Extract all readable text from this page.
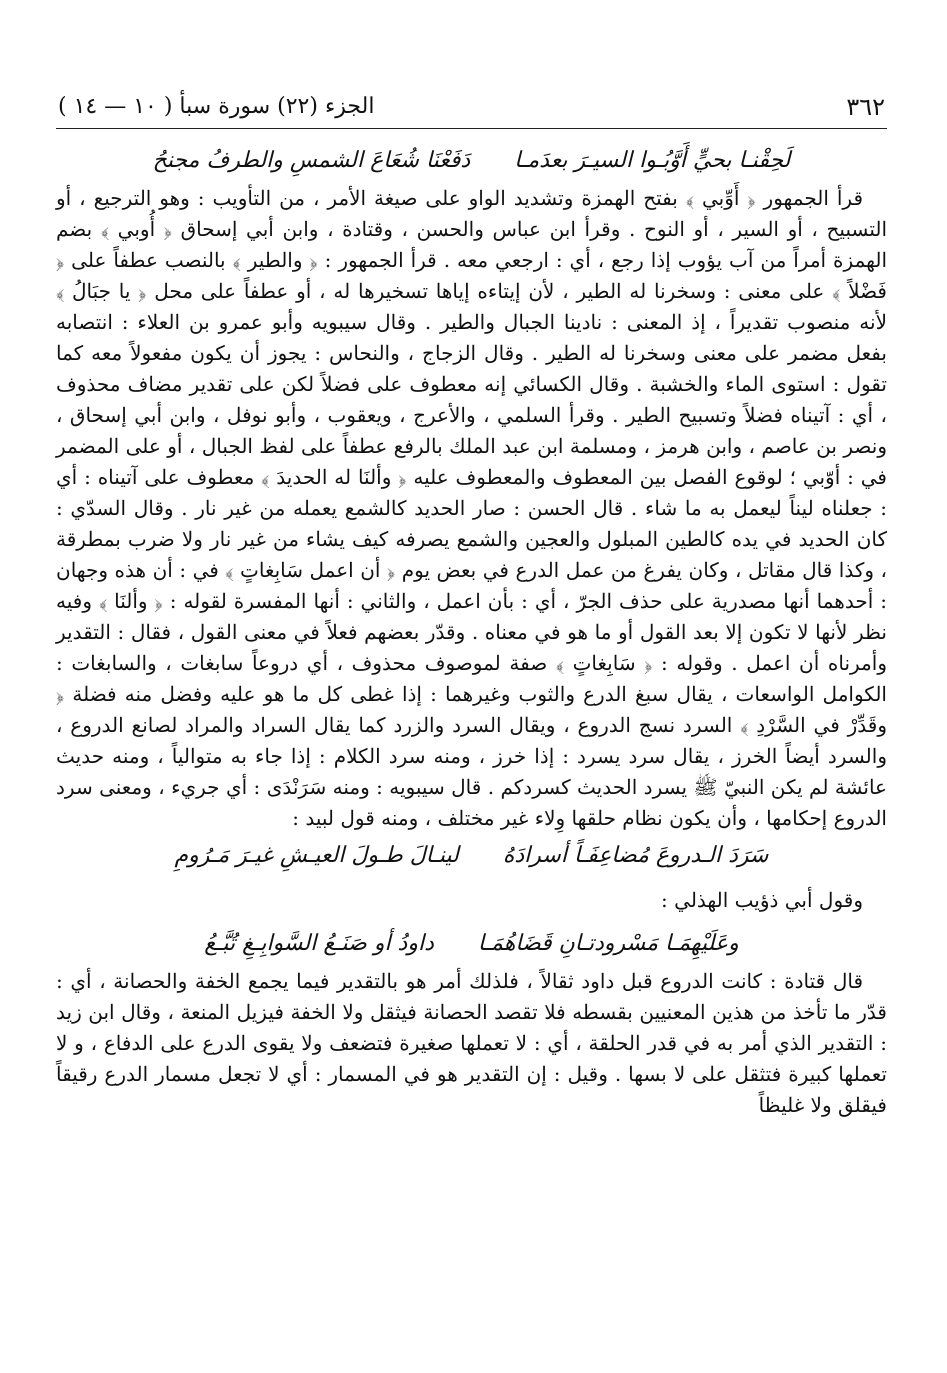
٣٦٢
الجزء (٢٢) سورة سبأ ( ١٠ — ١٤ )
لَحِقْنـا بحيٍّ أَوَّبُـوا السيـرَ بعدَمـا
دَفَعْنَا شُعَاعَ الشمسِ والطرفُ مجنحُ

قرأ الجمهور ﴿ أَوِّبي ﴾ بفتح الهمزة وتشديد الواو على صيغة الأمر ، من التأويب : وهو الترجيع ، أو التسبيح ، أو السير ، أو النوح . وقرأ ابن عباس والحسن ، وقتادة ، وابن أبي إسحاق ﴿ أُوبي ﴾ بضم الهمزة أمراً من آب يؤوب إذا رجع ، أي : ارجعي معه . قرأ الجمهور : ﴿ والطير ﴾ بالنصب عطفاً على ﴿ فَضْلاً ﴾ على معنى : وسخرنا له الطير ، لأن إيتاءه إياها تسخيرها له ، أو عطفاً على محل ﴿ يا جبَالُ ﴾ لأنه منصوب تقديراً ، إذ المعنى : نادينا الجبال والطير . وقال سيبويه وأبو عمرو بن العلاء : انتصابه بفعل مضمر على معنى وسخرنا له الطير . وقال الزجاج ، والنحاس : يجوز أن يكون مفعولاً معه كما تقول : استوى الماء والخشبة . وقال الكسائي إنه معطوف على فضلاً لكن على تقدير مضاف محذوف ، أي : آتيناه فضلاً وتسبيح الطير . وقرأ السلمي ، والأعرج ، ويعقوب ، وأبو نوفل ، وابن أبي إسحاق ، ونصر بن عاصم ، وابن هرمز ، ومسلمة ابن عبد الملك بالرفع عطفاً على لفظ الجبال ، أو على المضمر في : أوّبي ؛ لوقوع الفصل بين المعطوف والمعطوف عليه ﴿ وألنَا له الحديدَ ﴾ معطوف على آتيناه : أي : جعلناه ليناً ليعمل به ما شاء . قال الحسن : صار الحديد كالشمع يعمله من غير نار . وقال السدّي : كان الحديد في يده كالطين المبلول والعجين والشمع يصرفه كيف يشاء من غير نار ولا ضرب بمطرقة ، وكذا قال مقاتل ، وكان يفرغ من عمل الدرع في بعض يوم ﴿ أن اعمل سَابِغاتٍ ﴾ في : أن هذه وجهان : أحدهما أنها مصدرية على حذف الجرّ ، أي : بأن اعمل ، والثاني : أنها المفسرة لقوله : ﴿ وألنَا ﴾ وفيه نظر لأنها لا تكون إلا بعد القول أو ما هو في معناه . وقدّر بعضهم فعلاً في معنى القول ، فقال : التقدير وأمرناه أن اعمل . وقوله : ﴿ سَابِغاتٍ ﴾ صفة لموصوف محذوف ، أي دروعاً سابغات ، والسابغات : الكوامل الواسعات ، يقال سبغ الدرع والثوب وغيرهما : إذا غطى كل ما هو عليه وفضل منه فضلة ﴿ وقَدِّرْ في السَّرْدِ ﴾ السرد نسج الدروع ، ويقال السرد والزرد كما يقال السراد والمراد لصانع الدروع ، والسرد أيضاً الخرز ، يقال سرد يسرد : إذا خرز ، ومنه سرد الكلام : إذا جاء به متوالياً ، ومنه حديث عائشة لم يكن النبيّ ﷺ يسرد الحديث كسردكم . قال سيبويه : ومنه سَرَنْدَى : أي جريء ، ومعنى سرد الدروع إحكامها ، وأن يكون نظام حلقها وِلاء غير مختلف ، ومنه قول لبيد :

سَرَدَ الـدروعَ مُضاعِفَـاً أسرادَهُ
لينـالَ طـولَ العيـشِ غيـرَ مَـرُومِ

وقول أبي ذؤيب الهذلي :

وعَلَيْهِمَـا مَسْرودتـانِ قَضَاهُمَـا
داودُ أو صَنَـعُ السَّوابِـغِ تُبَّـعُ

قال قتادة : كانت الدروع قبل داود ثقالاً ، فلذلك أمر هو بالتقدير فيما يجمع الخفة والحصانة ، أي : قدّر ما تأخذ من هذين المعنيين بقسطه فلا تقصد الحصانة فيثقل ولا الخفة فيزيل المنعة ، وقال ابن زيد : التقدير الذي أمر به في قدر الحلقة ، أي : لا تعملها صغيرة فتضعف ولا يقوى الدرع على الدفاع ، و لا تعملها كبيرة فتثقل على لا بسها . وقيل : إن التقدير هو في المسمار : أي لا تجعل مسمار الدرع رقيقاً فيقلق ولا غليظاً
